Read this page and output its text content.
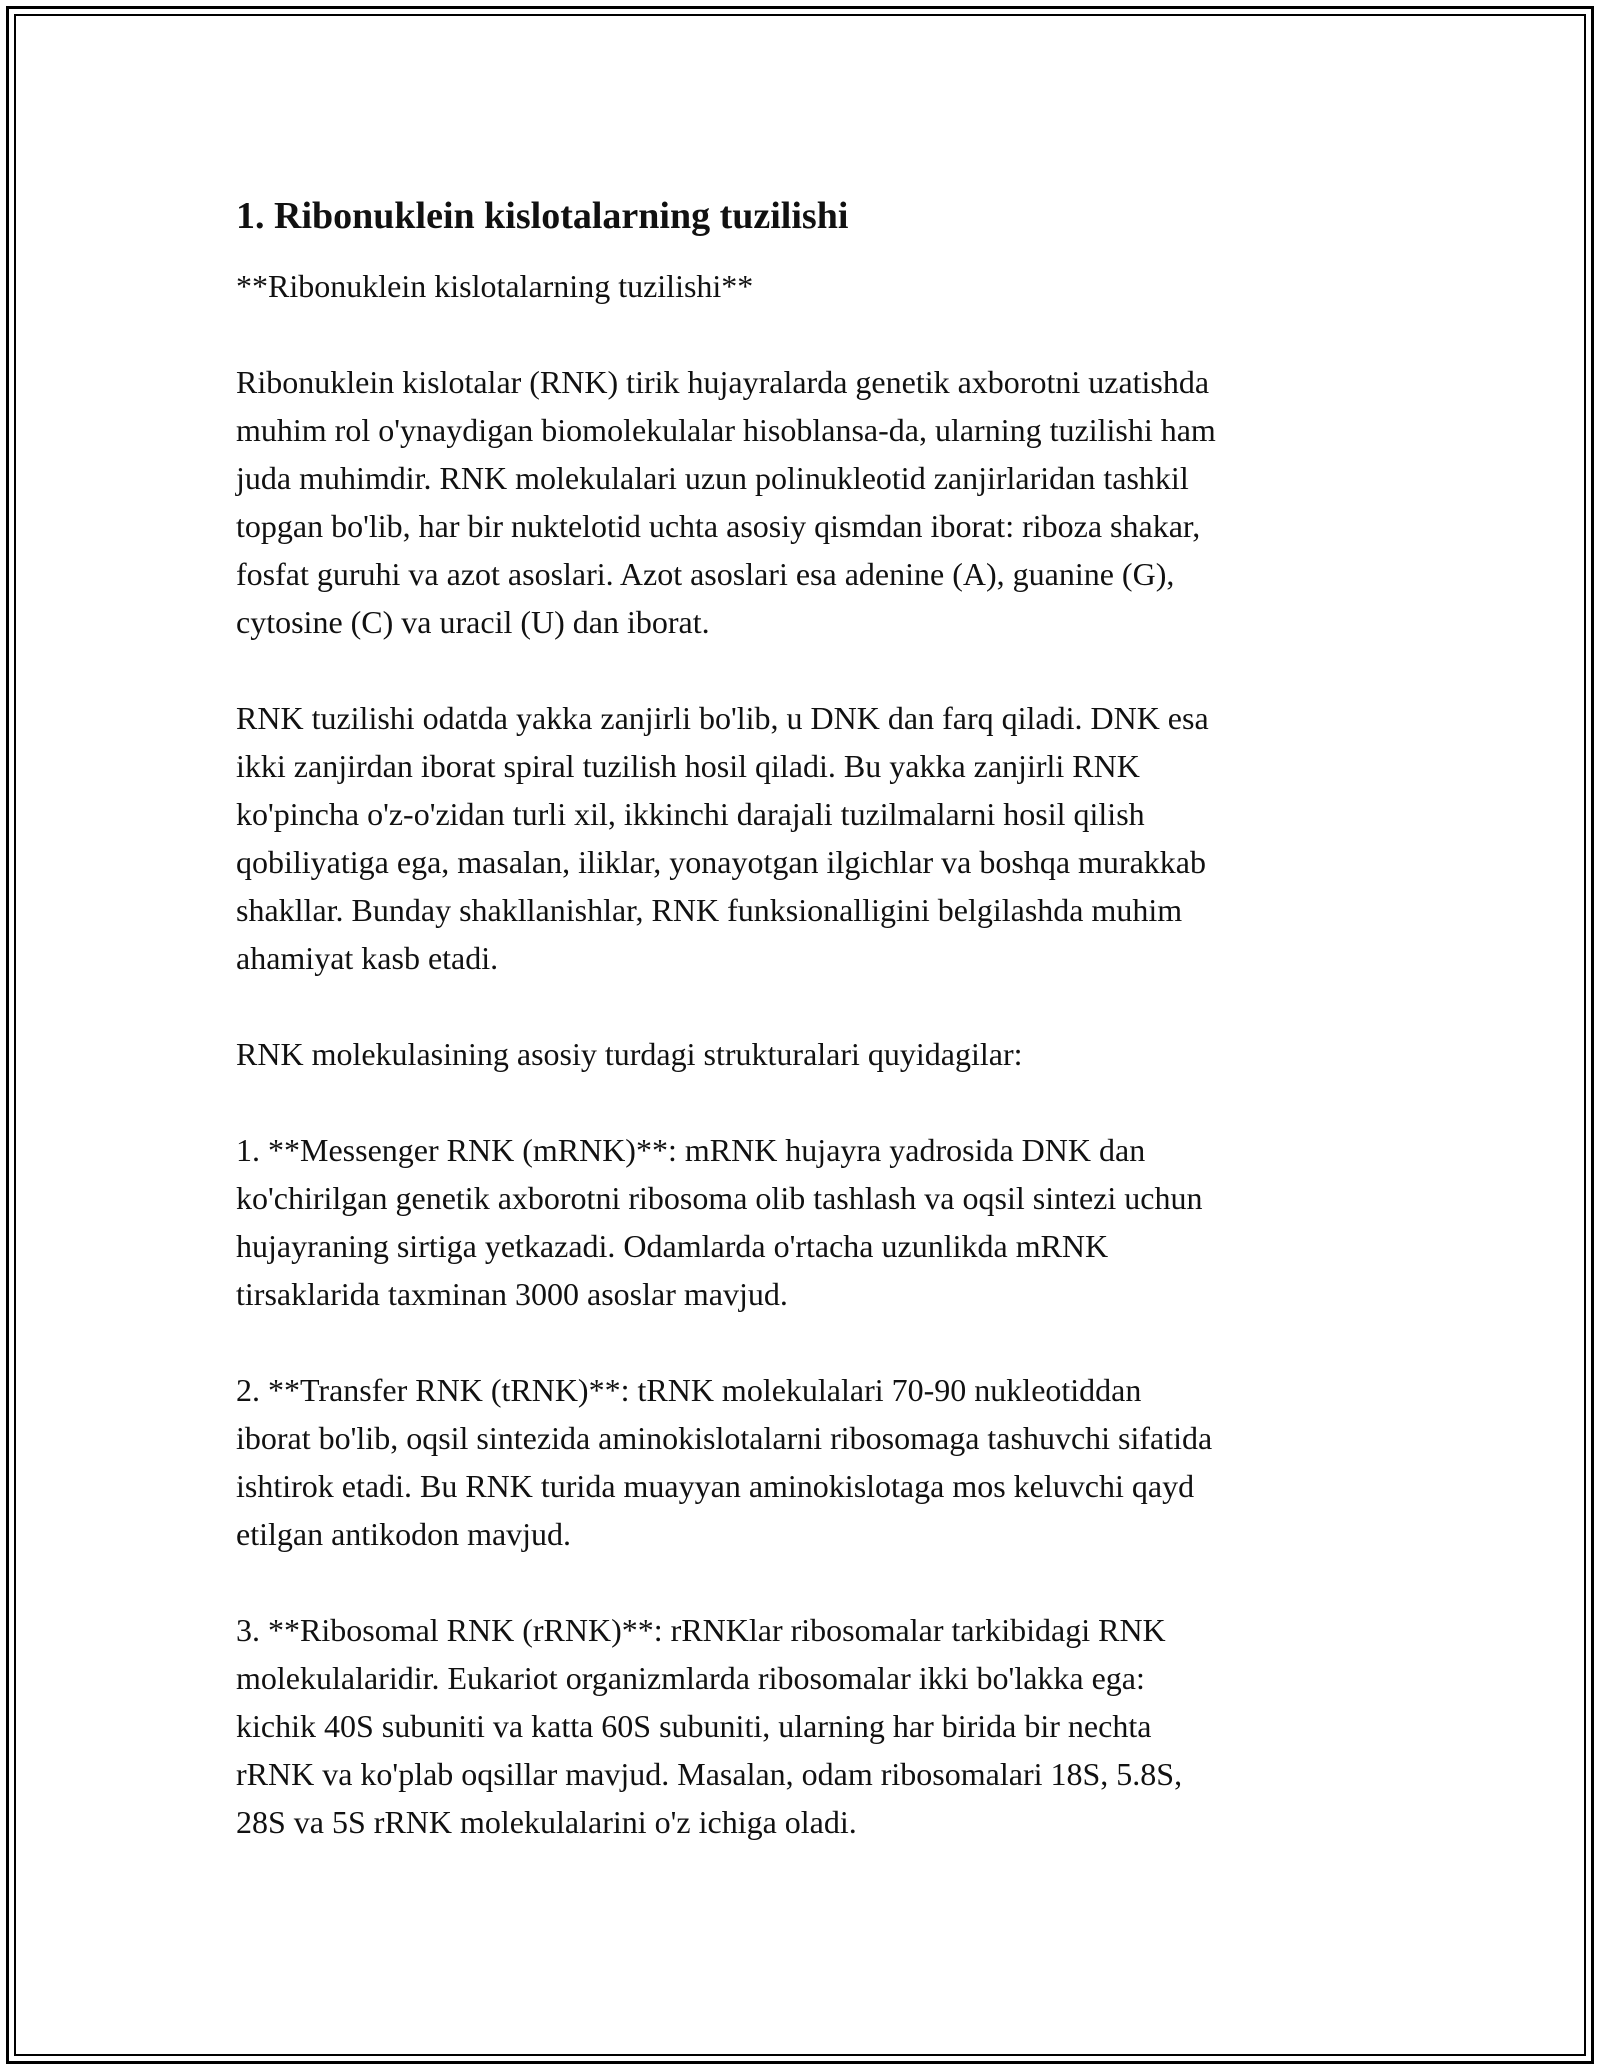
1. Ribonuklein kislotalarning tuzilishi
**Ribonuklein kislotalarning tuzilishi**
Ribonuklein kislotalar (RNK) tirik hujayralarda genetik axborotni uzatishda
muhim rol o'ynaydigan biomolekulalar hisoblansa-da, ularning tuzilishi ham
juda muhimdir. RNK molekulalari uzun polinukleotid zanjirlaridan tashkil
topgan bo'lib, har bir nuktelotid uchta asosiy qismdan iborat: riboza shakar,
fosfat guruhi va azot asoslari. Azot asoslari esa adenine (A), guanine (G),
cytosine (C) va uracil (U) dan iborat.
RNK tuzilishi odatda yakka zanjirli bo'lib, u DNK dan farq qiladi. DNK esa
ikki zanjirdan iborat spiral tuzilish hosil qiladi. Bu yakka zanjirli RNK
ko'pincha o'z-o'zidan turli xil, ikkinchi darajali tuzilmalarni hosil qilish
qobiliyatiga ega, masalan, iliklar, yonayotgan ilgichlar va boshqa murakkab
shakllar. Bunday shakllanishlar, RNK funksionalligini belgilashda muhim
ahamiyat kasb etadi.
RNK molekulasining asosiy turdagi strukturalari quyidagilar:
1. **Messenger RNK (mRNK)**: mRNK hujayra yadrosida DNK dan
ko'chirilgan genetik axborotni ribosoma olib tashlash va oqsil sintezi uchun
hujayraning sirtiga yetkazadi. Odamlarda o'rtacha uzunlikda mRNK
tirsaklarida taxminan 3000 asoslar mavjud.
2. **Transfer RNK (tRNK)**: tRNK molekulalari 70-90 nukleotiddan
iborat bo'lib, oqsil sintezida aminokislotalarni ribosomaga tashuvchi sifatida
ishtirok etadi. Bu RNK turida muayyan aminokislotaga mos keluvchi qayd
etilgan antikodon mavjud.
3. **Ribosomal RNK (rRNK)**: rRNKlar ribosomalar tarkibidagi RNK
molekulalaridir. Eukariot organizmlarda ribosomalar ikki bo'lakka ega:
kichik 40S subuniti va katta 60S subuniti, ularning har birida bir nechta
rRNK va ko'plab oqsillar mavjud. Masalan, odam ribosomalari 18S, 5.8S,
28S va 5S rRNK molekulalarini o'z ichiga oladi.
